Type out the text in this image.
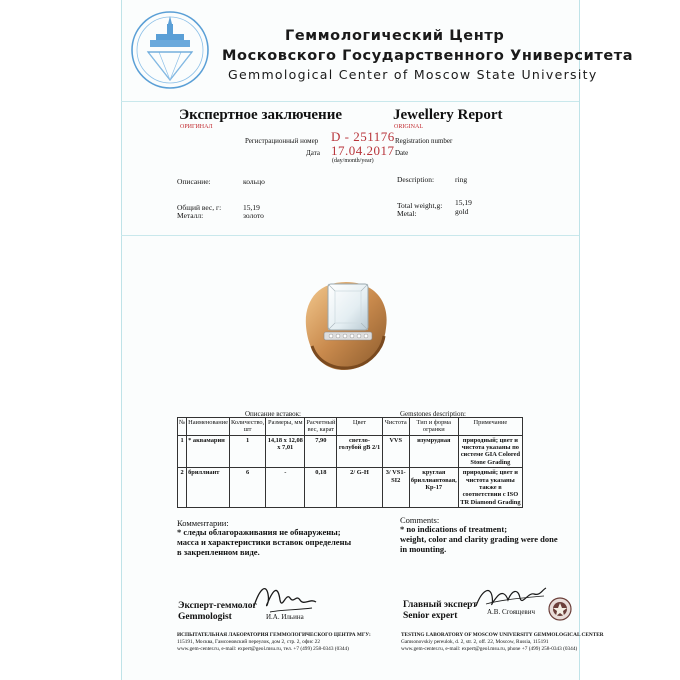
Геммологический Центр
Московского Государственного Университета
Gemmological Center of Moscow State University
Экспертное заключение
ОРИГИНАЛ
Jewellery Report
ORIGINAL
Регистрационный номер
Дата
D - 251176
17.04.2017
(day/month/year)
Registration number
Date
Описание:	кольцо
Общий вес, г:	15,19
Металл:	золото
Description:	ring
Total weight,g: 15,19
Metal:	gold
Описание вставок:	Gemstones description:
№	Наименование	Количество, шт	Размеры, мм	Расчетный вес, карат	Цвет	Чистота	Тип и форма огранки	Примечание
1	* аквамарин	1	14,18 x 12,08 x 7,01	7,90	светло-голубой gB 2/1	VVS	изумрудная	природный; цвет и чистота указаны по системе GIA Colored Stone Grading
2	бриллиант	6	-	0,18	2/ G-H	3/ VS1-SI2	круглая бриллиантовая, Кр-17	природный; цвет и чистота указаны также в соответствии с ISO TR Diamond Grading
Комментарии:
* следы облагораживания не обнаружены;
масса и характеристики вставок определены
в закрепленном виде.
Comments:
* no indications of treatment;
weight, color and clarity grading were done
in mounting.
Эксперт-геммолог
Gemmologist	И.А. Ильина
Главный эксперт
Senior expert	А.В. Сгоящевич
ИСПЫТАТЕЛЬНАЯ ЛАБОРАТОРИЯ ГЕММОЛОГИЧЕСКОГО ЦЕНТРА МГУ:
115191, Москва, Гамсоновский переулок, дом 2, стр. 2, офис 22
www.gem-center.ru, e-mail: expert@geol.msu.ru, тел. +7 (499) 258-0343 (0344)
TESTING LABORATORY OF MOSCOW UNIVERSITY GEMMOLOGICAL CENTER
Gamsonovskiy pereulok, d. 2, str. 2, off. 22, Moscow, Russia, 115191
www.gem-center.ru, e-mail: expert@geol.msu.ru, phone +7 (499) 258-0343 (0344)
